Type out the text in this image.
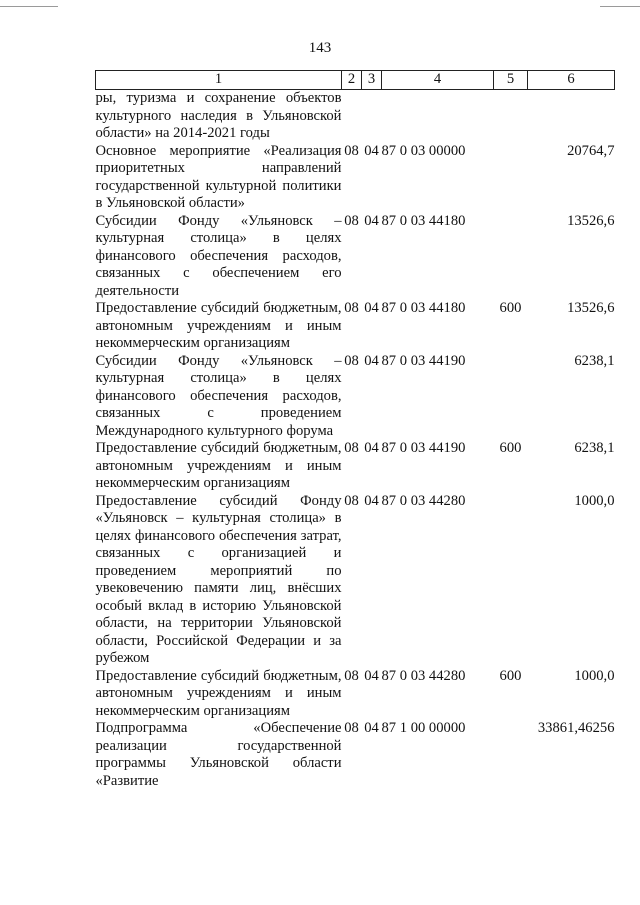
143
1	2	3	4	5	6
ры, туризма и сохранение объектов культурного наследия в Ульяновской области» на 2014-2021 годы					
Основное мероприятие «Реализация приоритетных направлений государственной культурной политики в Ульяновской области»	08	04	87 0 03 00000		20764,7
Субсидии Фонду «Ульяновск – культурная столица» в целях финансового обеспечения расходов, связанных с обеспечением его деятельности	08	04	87 0 03 44180		13526,6
Предоставление субсидий бюджетным, автономным учреждениям и иным некоммерческим организациям	08	04	87 0 03 44180	600	13526,6
Субсидии Фонду «Ульяновск – культурная столица» в целях финансового обеспечения расходов, связанных с проведением Международного культурного форума	08	04	87 0 03 44190		6238,1
Предоставление субсидий бюджетным, автономным учреждениям и иным некоммерческим организациям	08	04	87 0 03 44190	600	6238,1
Предоставление субсидий Фонду «Ульяновск – культурная столица» в целях финансового обеспечения затрат, связанных с организацией и проведением мероприятий по увековечению памяти лиц, внёсших особый вклад в историю Ульяновской области, на территории Ульяновской области, Российской Федерации и за рубежом	08	04	87 0 03 44280		1000,0
Предоставление субсидий бюджетным, автономным учреждениям и иным некоммерческим организациям	08	04	87 0 03 44280	600	1000,0
Подпрограмма «Обеспечение реализации государственной программы Ульяновской области «Развитие	08	04	87 1 00 00000		33861,46256
